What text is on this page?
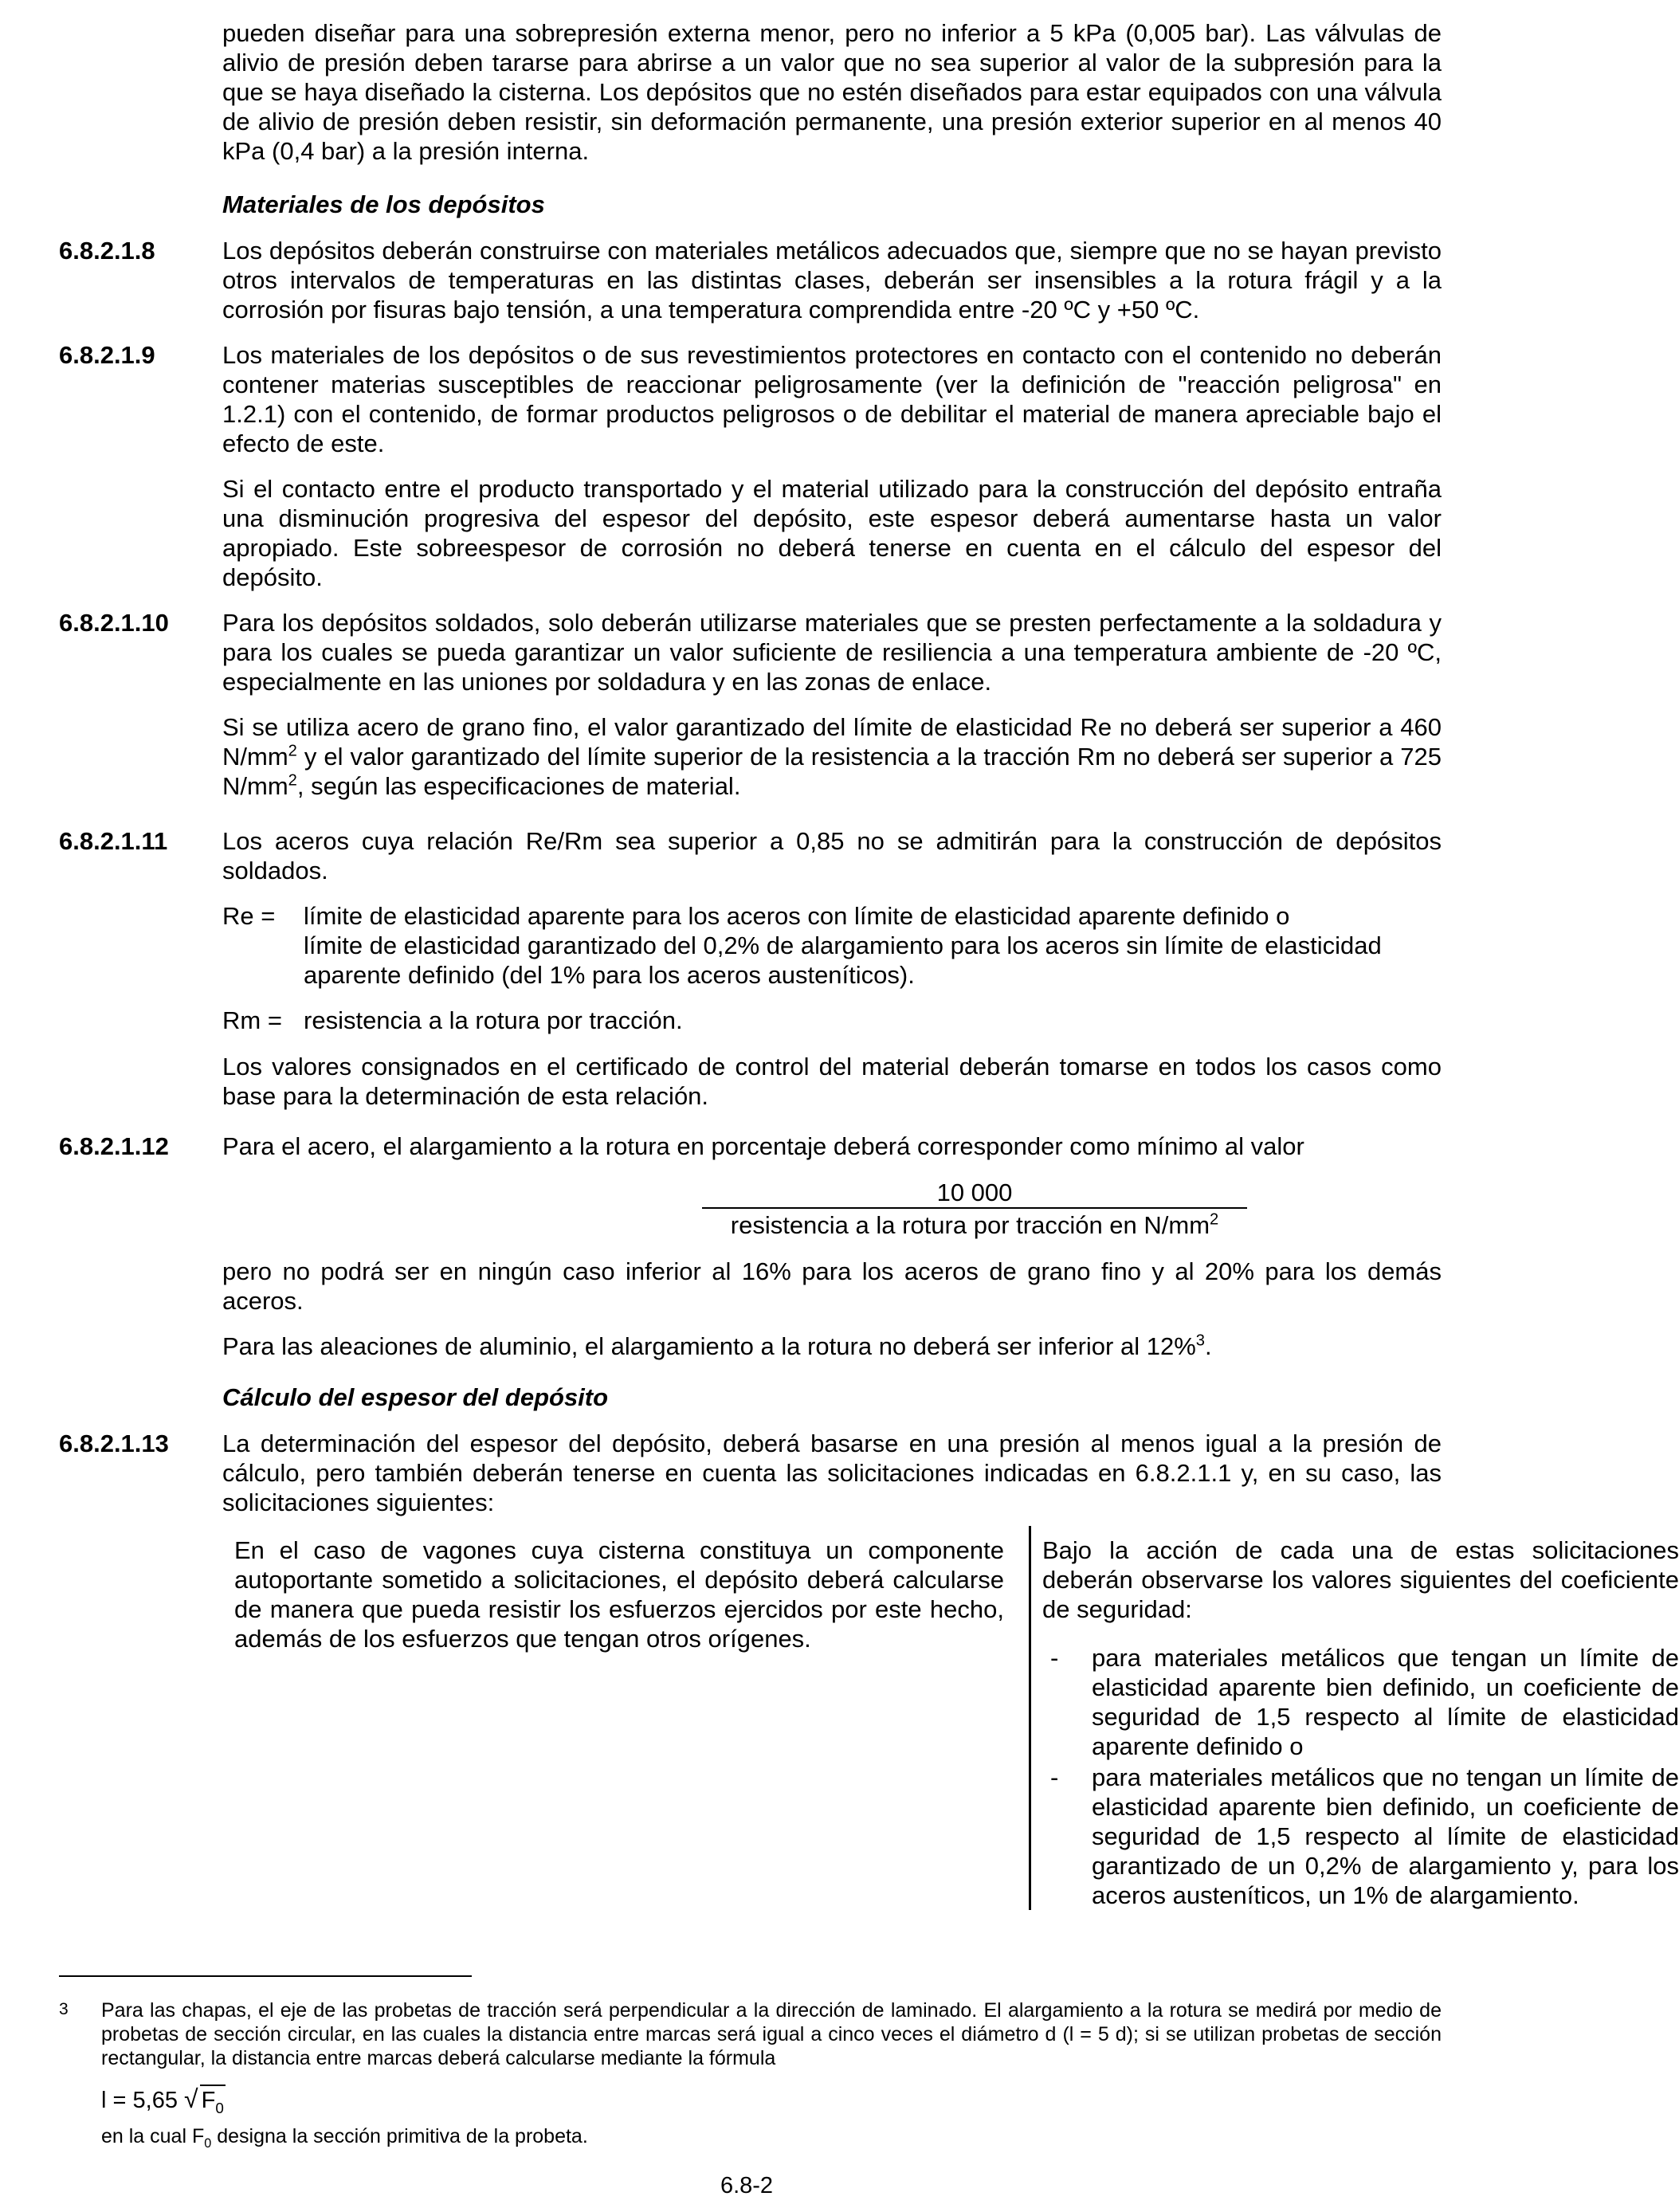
pueden diseñar para una sobrepresión externa menor, pero no inferior a 5 kPa (0,005 bar). Las válvulas de alivio de presión deben tararse para abrirse a un valor que no sea superior al valor de la subpresión para la que se haya diseñado la cisterna. Los depósitos que no estén diseñados para estar equipados con una válvula de alivio de presión deben resistir, sin deformación permanente, una presión exterior superior en al menos 40 kPa (0,4 bar) a la presión interna.

Materiales de los depósitos

6.8.2.1.8	Los depósitos deberán construirse con materiales metálicos adecuados que, siempre que no se hayan previsto otros intervalos de temperaturas en las distintas clases, deberán ser insensibles a la rotura frágil y a la corrosión por fisuras bajo tensión, a una temperatura comprendida entre -20 ºC y +50 ºC.

6.8.2.1.9	Los materiales de los depósitos o de sus revestimientos protectores en contacto con el contenido no deberán contener materias susceptibles de reaccionar peligrosamente (ver la definición de "reacción peligrosa" en 1.2.1) con el contenido, de formar productos peligrosos o de debilitar el material de manera apreciable bajo el efecto de este.

Si el contacto entre el producto transportado y el material utilizado para la construcción del depósito entraña una disminución progresiva del espesor del depósito, este espesor deberá aumentarse hasta un valor apropiado. Este sobreespesor de corrosión no deberá tenerse en cuenta en el cálculo del espesor del depósito.

6.8.2.1.10 Para los depósitos soldados, solo deberán utilizarse materiales que se presten perfectamente a la soldadura y para los cuales se pueda garantizar un valor suficiente de resiliencia a una temperatura ambiente de -20 ºC, especialmente en las uniones por soldadura y en las zonas de enlace.

Si se utiliza acero de grano fino, el valor garantizado del límite de elasticidad Re no deberá ser superior a 460 $N/mm^2$ y el valor garantizado del límite superior de la resistencia a la tracción Rm no deberá ser superior a 725 $N/mm^2$, según las especificaciones de material.

6.8.2.1.11 Los aceros cuya relación Re/Rm sea superior a 0,85 no se admitirán para la construcción de depósitos soldados.

Re = límite de elasticidad aparente para los aceros con límite de elasticidad aparente definido o
límite de elasticidad garantizado del 0,2% de alargamiento para los aceros sin límite de elasticidad aparente definido (del 1% para los aceros austeníticos).
Rm = resistencia a la rotura por tracción.

Los valores consignados en el certificado de control del material deberán tomarse en todos los casos como base para la determinación de esta relación.

6.8.2.1.12 Para el acero, el alargamiento a la rotura en porcentaje deberá corresponder como mínimo al valor

10 000
resistencia a la rotura por tracción en $N/mm^2$

pero no podrá ser en ningún caso inferior al 16% para los aceros de grano fino y al 20% para los demás aceros.

Para las aleaciones de aluminio, el alargamiento a la rotura no deberá ser inferior al 12%$^3$.

Cálculo del espesor del depósito

6.8.2.1.13 La determinación del espesor del depósito, deberá basarse en una presión al menos igual a la presión de cálculo, pero también deberán tenerse en cuenta las solicitaciones indicadas en 6.8.2.1.1 y, en su caso, las solicitaciones siguientes:

En el caso de vagones cuya cisterna constituya un componente autoportante sometido a solicitaciones, el depósito deberá calcularse de manera que pueda resistir los esfuerzos ejercidos por este hecho, además de los esfuerzos que tengan otros orígenes.

Bajo la acción de cada una de estas solicitaciones deberán observarse los valores siguientes del coeficiente de seguridad:

- para materiales metálicos que tengan un límite de elasticidad aparente bien definido, un coeficiente de seguridad de 1,5 respecto al límite de elasticidad aparente definido o
- para materiales metálicos que no tengan un límite de elasticidad aparente bien definido, un coeficiente de seguridad de 1,5 respecto al límite de elasticidad garantizado de un 0,2% de alargamiento y, para los aceros austeníticos, un 1% de alargamiento.
3 Para las chapas, el eje de las probetas de tracción será perpendicular a la dirección de laminado. El alargamiento a la rotura se medirá por medio de probetas de sección circular, en las cuales la distancia entre marcas será igual a cinco veces el diámetro d (l = 5 d); si se utilizan probetas de sección rectangular, la distancia entre marcas deberá calcularse mediante la fórmula
l = 5,65 √ $F_0$
en la cual $F_0$ designa la sección primitiva de la probeta.
6.8-2
